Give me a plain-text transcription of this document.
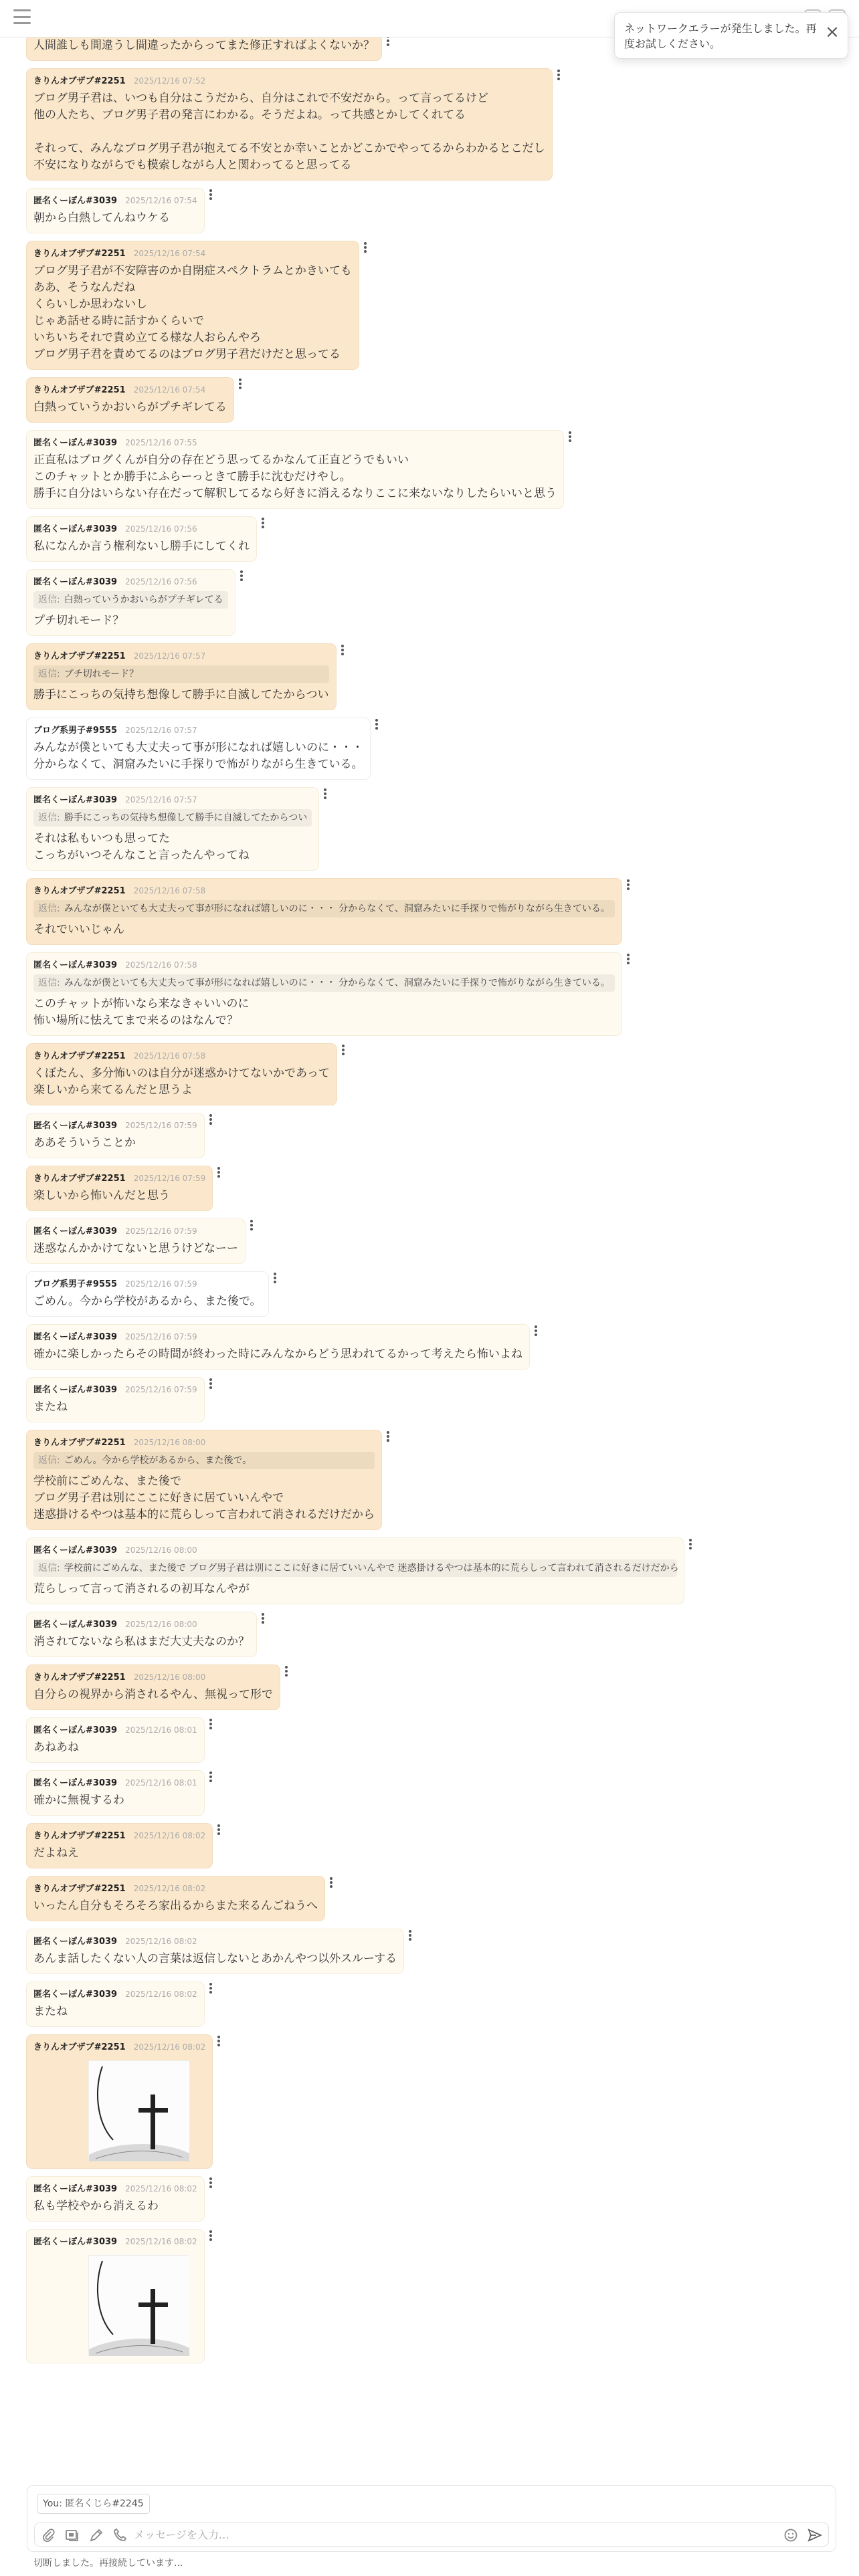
ネットワークエラーが発生しました。再度お試しください。
×
人間誰しも間違うし間違ったからってまた修正すればよくないか？
きりんオブザブ#2251 2025/12/16 07:52
ブログ男子君は、いつも自分はこうだから、自分はこれで不安だから。って言ってるけど
他の人たち、ブログ男子君の発言にわかる。そうだよね。って共感とかしてくれてる

それって、みんなブログ男子君が抱えてる不安とか幸いことかどこかでやってるからわかるとこだし
不安になりながらでも模索しながら人と関わってると思ってる
匿名くーぽん#3039 2025/12/16 07:54
朝から白熱してんねウケる
きりんオブザブ#2251 2025/12/16 07:54
ブログ男子君が不安障害のか自閉症スペクトラムとかきいても
ああ、そうなんだね
くらいしか思わないし
じゃあ話せる時に話すかくらいで
いちいちそれで責め立てる様な人おらんやろ
ブログ男子君を責めてるのはブログ男子君だけだと思ってる
きりんオブザブ#2251 2025/12/16 07:54
白熱っていうかおいらがプチギレてる
匿名くーぽん#3039 2025/12/16 07:55
正直私はブログくんが自分の存在どう思ってるかなんて正直どうでもいい
このチャットとか勝手にふらーっときて勝手に沈むだけやし。
勝手に自分はいらない存在だって解釈してるなら好きに消えるなりここに来ないなりしたらいいと思う
匿名くーぽん#3039 2025/12/16 07:56
私になんか言う権利ないし勝手にしてくれ
匿名くーぽん#3039 2025/12/16 07:56
返信: 白熱っていうかおいらがプチギレてる
プチ切れモード？
きりんオブザブ#2251 2025/12/16 07:57
返信: プチ切れモード？
勝手にこっちの気持ち想像して勝手に自滅してたからつい
ブログ系男子#9555 2025/12/16 07:57
みんなが僕といても大丈夫って事が形になれば嬉しいのに・・・
分からなくて、洞窟みたいに手探りで怖がりながら生きている。
匿名くーぽん#3039 2025/12/16 07:57
返信: 勝手にこっちの気持ち想像して勝手に自滅してたからつい
それは私もいつも思ってた
こっちがいつそんなこと言ったんやってね
きりんオブザブ#2251 2025/12/16 07:58
返信: みんなが僕といても大丈夫って事が形になれば嬉しいのに・・・ 分からなくて、洞窟みたいに手探りで怖がりながら生きている。
それでいいじゃん
匿名くーぽん#3039 2025/12/16 07:58
返信: みんなが僕といても大丈夫って事が形になれば嬉しいのに・・・ 分からなくて、洞窟みたいに手探りで怖がりながら生きている。
このチャットが怖いなら来なきゃいいのに
怖い場所に怯えてまで来るのはなんで？
きりんオブザブ#2251 2025/12/16 07:58
くぼたん、多分怖いのは自分が迷惑かけてないかであって
楽しいから来てるんだと思うよ
匿名くーぽん#3039 2025/12/16 07:59
ああそういうことか
きりんオブザブ#2251 2025/12/16 07:59
楽しいから怖いんだと思う
匿名くーぽん#3039 2025/12/16 07:59
迷惑なんかかけてないと思うけどなーー
ブログ系男子#9555 2025/12/16 07:59
ごめん。今から学校があるから、また後で。
匿名くーぽん#3039 2025/12/16 07:59
確かに楽しかったらその時間が終わった時にみんなからどう思われてるかって考えたら怖いよね
匿名くーぽん#3039 2025/12/16 07:59
またね
きりんオブザブ#2251 2025/12/16 08:00
返信: ごめん。今から学校があるから、また後で。
学校前にごめんな、また後で
ブログ男子君は別にここに好きに居ていいんやで
迷惑掛けるやつは基本的に荒らしって言われて消されるだけだから
匿名くーぽん#3039 2025/12/16 08:00
返信: 学校前にごめんな、また後で ブログ男子君は別にここに好きに居ていいんやで 迷惑掛けるやつは基本的に荒らしって言われて消されるだけだから
荒らしって言って消されるの初耳なんやが
匿名くーぽん#3039 2025/12/16 08:00
消されてないなら私はまだ大丈夫なのか？
きりんオブザブ#2251 2025/12/16 08:00
自分らの視界から消されるやん、無視って形で
匿名くーぽん#3039 2025/12/16 08:01
あねあね
匿名くーぽん#3039 2025/12/16 08:01
確かに無視するわ
きりんオブザブ#2251 2025/12/16 08:02
だよねえ
きりんオブザブ#2251 2025/12/16 08:02
いったん自分もそろそろ家出るからまた来るんごねうへ
匿名くーぽん#3039 2025/12/16 08:02
あんま話したくない人の言葉は返信しないとあかんやつ以外スルーする
匿名くーぽん#3039 2025/12/16 08:02
またね
きりんオブザブ#2251 2025/12/16 08:02
匿名くーぽん#3039 2025/12/16 08:02
私も学校やから消えるわ
匿名くーぽん#3039 2025/12/16 08:02
You: 匿名くじら#2245
メッセージを入力...
切断しました。再接続しています...
